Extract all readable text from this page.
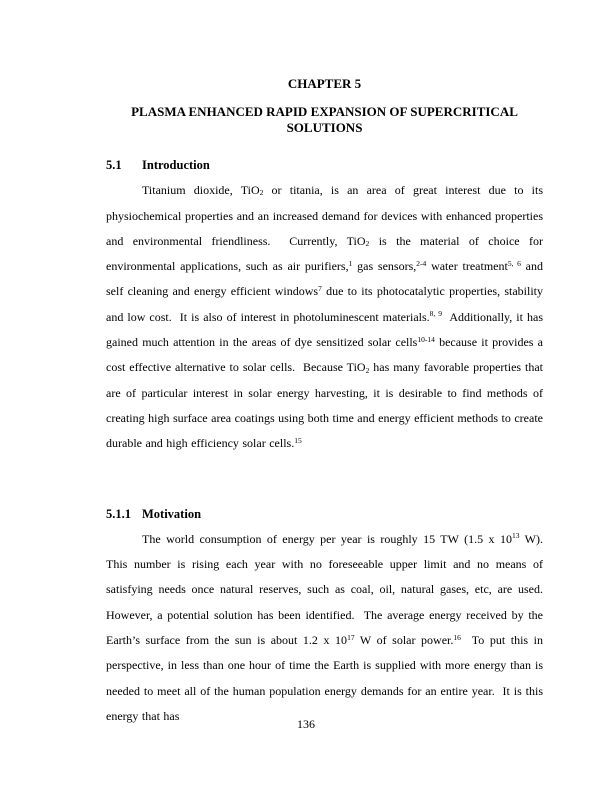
CHAPTER 5
PLASMA ENHANCED RAPID EXPANSION OF SUPERCRITICAL
SOLUTIONS
5.1	Introduction

Titanium dioxide, TiO$_2$ or titania, is an area of great interest due to its physiochemical properties and an increased demand for devices with enhanced properties and environmental friendliness.  Currently, TiO$_2$ is the material of choice for environmental applications, such as air purifiers,$^1$ gas sensors,$^{2-4}$ water treatment$^{5, 6}$ and self cleaning and energy efficient windows$^7$ due to its photocatalytic properties, stability and low cost.  It is also of interest in photoluminescent materials.$^{8, 9}$  Additionally, it has gained much attention in the areas of dye sensitized solar cells$^{10-14}$ because it provides a cost effective alternative to solar cells.  Because TiO$_2$ has many favorable properties that are of particular interest in solar energy harvesting, it is desirable to find methods of creating high surface area coatings using both time and energy efficient methods to create durable and high efficiency solar cells.$^{15}$

5.1.1 Motivation

The world consumption of energy per year is roughly 15 TW (1.5 x $10^{13}$ W).  This number is rising each year with no foreseeable upper limit and no means of satisfying needs once natural reserves, such as coal, oil, natural gases, etc, are used.  However, a potential solution has been identified.  The average energy received by the Earth’s surface from the sun is about 1.2 x $10^{17}$ W of solar power.$^{16}$  To put this in perspective, in less than one hour of time the Earth is supplied with more energy than is needed to meet all of the human population energy demands for an entire year.  It is this energy that has

136
